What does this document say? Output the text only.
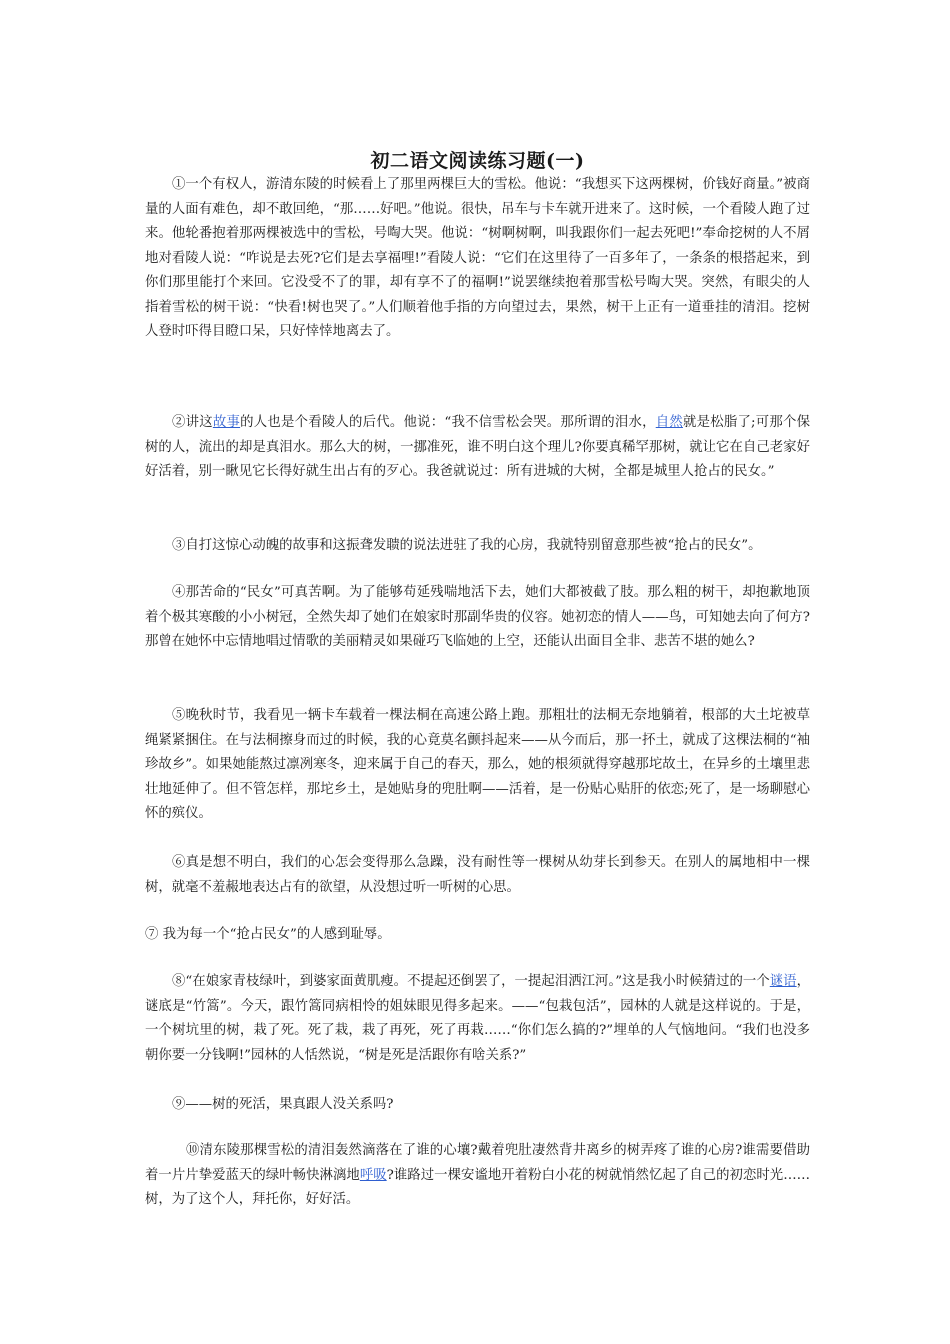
初二语文阅读练习题(一)

①一个有权人，游清东陵的时候看上了那里两棵巨大的雪松。他说：“我想买下这两棵树，价钱好商量。”被商量的人面有难色，却不敢回绝，“那……好吧。”他说。很快，吊车与卡车就开进来了。这时候，一个看陵人跑了过来。他轮番抱着那两棵被选中的雪松，号啕大哭。他说：“树啊树啊，叫我跟你们一起去死吧!”奉命挖树的人不屑地对看陵人说：“咋说是去死?它们是去享福哩!”看陵人说：“它们在这里待了一百多年了，一条条的根搭起来，到你们那里能打个来回。它没受不了的罪，却有享不了的福啊!”说罢继续抱着那雪松号啕大哭。突然，有眼尖的人指着雪松的树干说：“快看!树也哭了。”人们顺着他手指的方向望过去，果然，树干上正有一道垂挂的清泪。挖树人登时吓得目瞪口呆，只好悻悻地离去了。

②讲这故事的人也是个看陵人的后代。他说：“我不信雪松会哭。那所谓的泪水，自然就是松脂了;可那个保树的人，流出的却是真泪水。那么大的树，一挪准死，谁不明白这个理儿?你要真稀罕那树，就让它在自己老家好好活着，别一瞅见它长得好就生出占有的歹心。我爸就说过：所有进城的大树，全都是城里人抢占的民女。”

③自打这惊心动魄的故事和这振聋发聩的说法进驻了我的心房，我就特别留意那些被“抢占的民女”。

④那苦命的“民女”可真苦啊。为了能够苟延残喘地活下去，她们大都被截了肢。那么粗的树干，却抱歉地顶着个极其寒酸的小小树冠，全然失却了她们在娘家时那副华贵的仪容。她初恋的情人——鸟，可知她去向了何方?那曾在她怀中忘情地唱过情歌的美丽精灵如果碰巧飞临她的上空，还能认出面目全非、悲苦不堪的她么?

⑤晚秋时节，我看见一辆卡车载着一棵法桐在高速公路上跑。那粗壮的法桐无奈地躺着，根部的大土坨被草绳紧紧捆住。在与法桐擦身而过的时候，我的心竟莫名颤抖起来——从今而后，那一抔土，就成了这棵法桐的“袖珍故乡”。如果她能熬过凛冽寒冬，迎来属于自己的春天，那么，她的根须就得穿越那坨故土，在异乡的土壤里悲壮地延伸了。但不管怎样，那坨乡土，是她贴身的兜肚啊——活着，是一份贴心贴肝的依恋;死了，是一场聊慰心怀的殡仪。

⑥真是想不明白，我们的心怎会变得那么急躁，没有耐性等一棵树从幼芽长到参天。在别人的属地相中一棵树，就毫不羞赧地表达占有的欲望，从没想过听一听树的心思。

⑦ 我为每一个“抢占民女”的人感到耻辱。

⑧“在娘家青枝绿叶，到婆家面黄肌瘦。不提起还倒罢了，一提起泪洒江河。”这是我小时候猜过的一个谜语，谜底是“竹篙”。今天，跟竹篙同病相怜的姐妹眼见得多起来。——“包栽包活”，园林的人就是这样说的。于是，一个树坑里的树，栽了死。死了栽，栽了再死，死了再栽……“你们怎么搞的?”埋单的人气恼地问。“我们也没多朝你要一分钱啊!”园林的人恬然说，“树是死是活跟你有啥关系?”

⑨——树的死活，果真跟人没关系吗?

⑩清东陵那棵雪松的清泪轰然滴落在了谁的心壤?戴着兜肚凄然背井离乡的树弄疼了谁的心房?谁需要借助着一片片挚爱蓝天的绿叶畅快淋漓地呼吸?谁路过一棵安谧地开着粉白小花的树就悄然忆起了自己的初恋时光……树，为了这个人，拜托你，好好活。
